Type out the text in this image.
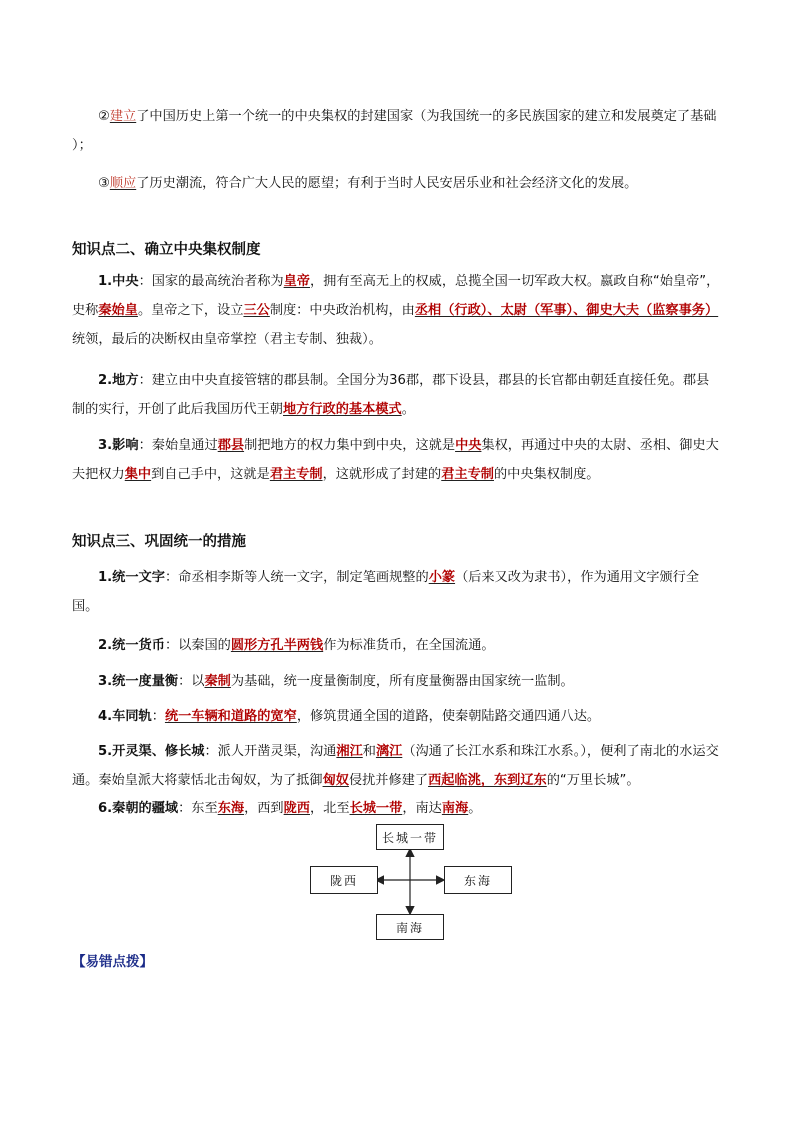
②建立了中国历史上第一个统一的中央集权的封建国家（为我国统一的多民族国家的建立和发展奠定了基础 ）；

③顺应了历史潮流，符合广大人民的愿望；有利于当时人民安居乐业和社会经济文化的发展。

知识点二、确立中央集权制度

1.中央：国家的最高统治者称为皇帝，拥有至高无上的权威，总揽全国一切军政大权。嬴政自称“始皇帝”，史称秦始皇。皇帝之下，设立三公制度：中央政治机构，由丞相（行政）、太尉（军事）、御史大夫（监察事务）统领，最后的决断权由皇帝掌控（君主专制、独裁）。

2.地方：建立由中央直接管辖的郡县制。全国分为36郡，郡下设县，郡县的长官都由朝廷直接任免。郡县制的实行，开创了此后我国历代王朝地方行政的基本模式。

3.影响：秦始皇通过郡县制把地方的权力集中到中央，这就是中央集权，再通过中央的太尉、丞相、御史大夫把权力集中到自己手中，这就是君主专制，这就形成了封建的君主专制的中央集权制度。

知识点三、巩固统一的措施

1.统一文字：命丞相李斯等人统一文字，制定笔画规整的小篆（后来又改为隶书），作为通用文字颁行全国。

2.统一货币：以秦国的圆形方孔半两钱作为标准货币，在全国流通。

3.统一度量衡：以秦制为基础，统一度量衡制度，所有度量衡器由国家统一监制。

4.车同轨：统一车辆和道路的宽窄，修筑贯通全国的道路，使秦朝陆路交通四通八达。

5.开灵渠、修长城：派人开凿灵渠，沟通湘江和漓江（沟通了长江水系和珠江水系。），便利了南北的水运交通。秦始皇派大将蒙恬北击匈奴，为了抵御匈奴侵扰并修建了西起临洮，东到辽东的“万里长城”。

6.秦朝的疆域：东至东海，西到陇西，北至长城一带，南达南海。

长城一带
陇西	东海
南海

【易错点拨】
